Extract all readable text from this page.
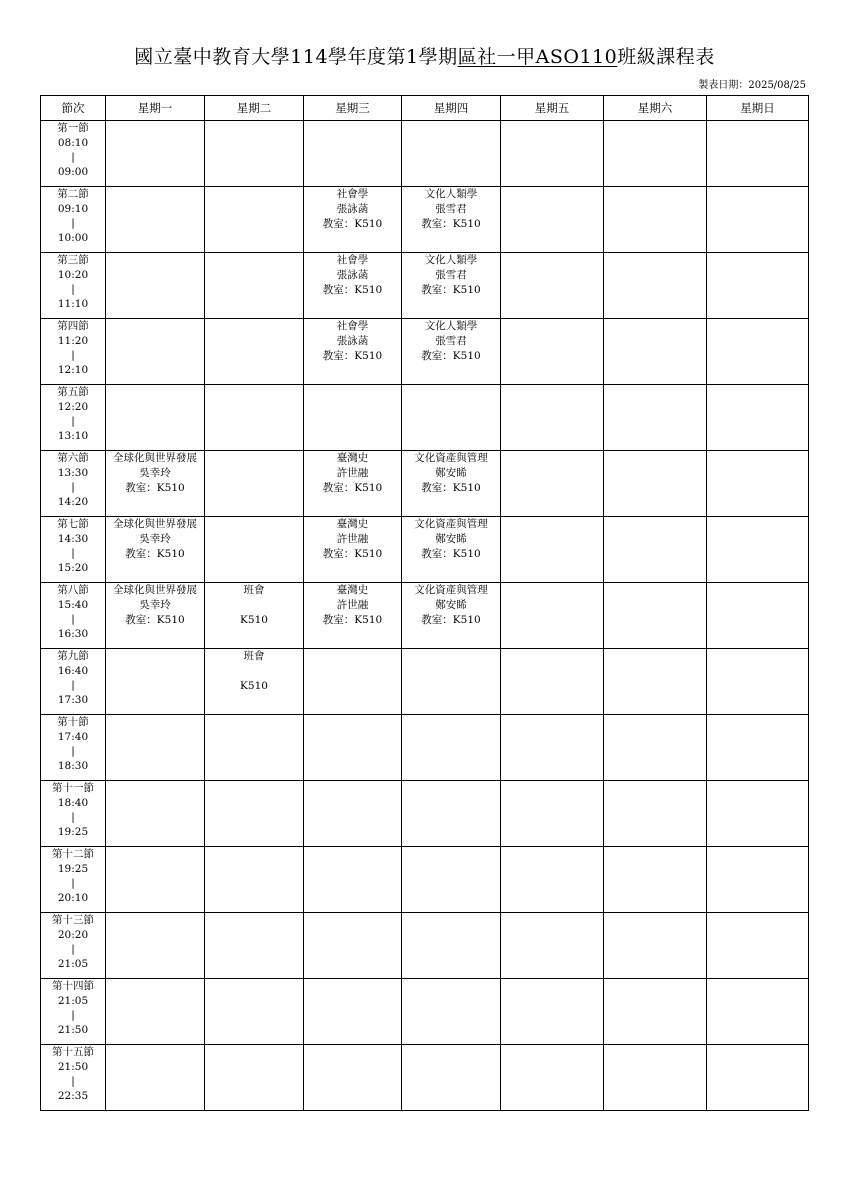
國立臺中教育大學114學年度第1學期區社一甲ASO110班級課程表
製表日期：2025/08/25
節次	星期一	星期二	星期三	星期四	星期五	星期六	星期日

第一節
08:10
|
09:00							

第二節
09:10
|
10:00			社會學
張詠菡
教室：K510	文化人類學
張雪君
教室：K510			

第三節
10:20
|
11:10			社會學
張詠菡
教室：K510	文化人類學
張雪君
教室：K510			

第四節
11:20
|
12:10			社會學
張詠菡
教室：K510	文化人類學
張雪君
教室：K510			

第五節
12:20
|
13:10							

第六節
13:30
|
14:20	全球化與世界發展
吳幸玲
教室：K510		臺灣史
許世融
教室：K510	文化資產與管理
鄭安睎
教室：K510			

第七節
14:30
|
15:20	全球化與世界發展
吳幸玲
教室：K510		臺灣史
許世融
教室：K510	文化資產與管理
鄭安睎
教室：K510			

第八節
15:40
|
16:30	全球化與世界發展
吳幸玲
教室：K510	班會
K510	臺灣史
許世融
教室：K510	文化資產與管理
鄭安睎
教室：K510			

第九節
16:40
|
17:30		班會
K510					

第十節
17:40
|
18:30							

第十一節
18:40
|
19:25							

第十二節
19:25
|
20:10							

第十三節
20:20
|
21:05							

第十四節
21:05
|
21:50							

第十五節
21:50
|
22:35							
